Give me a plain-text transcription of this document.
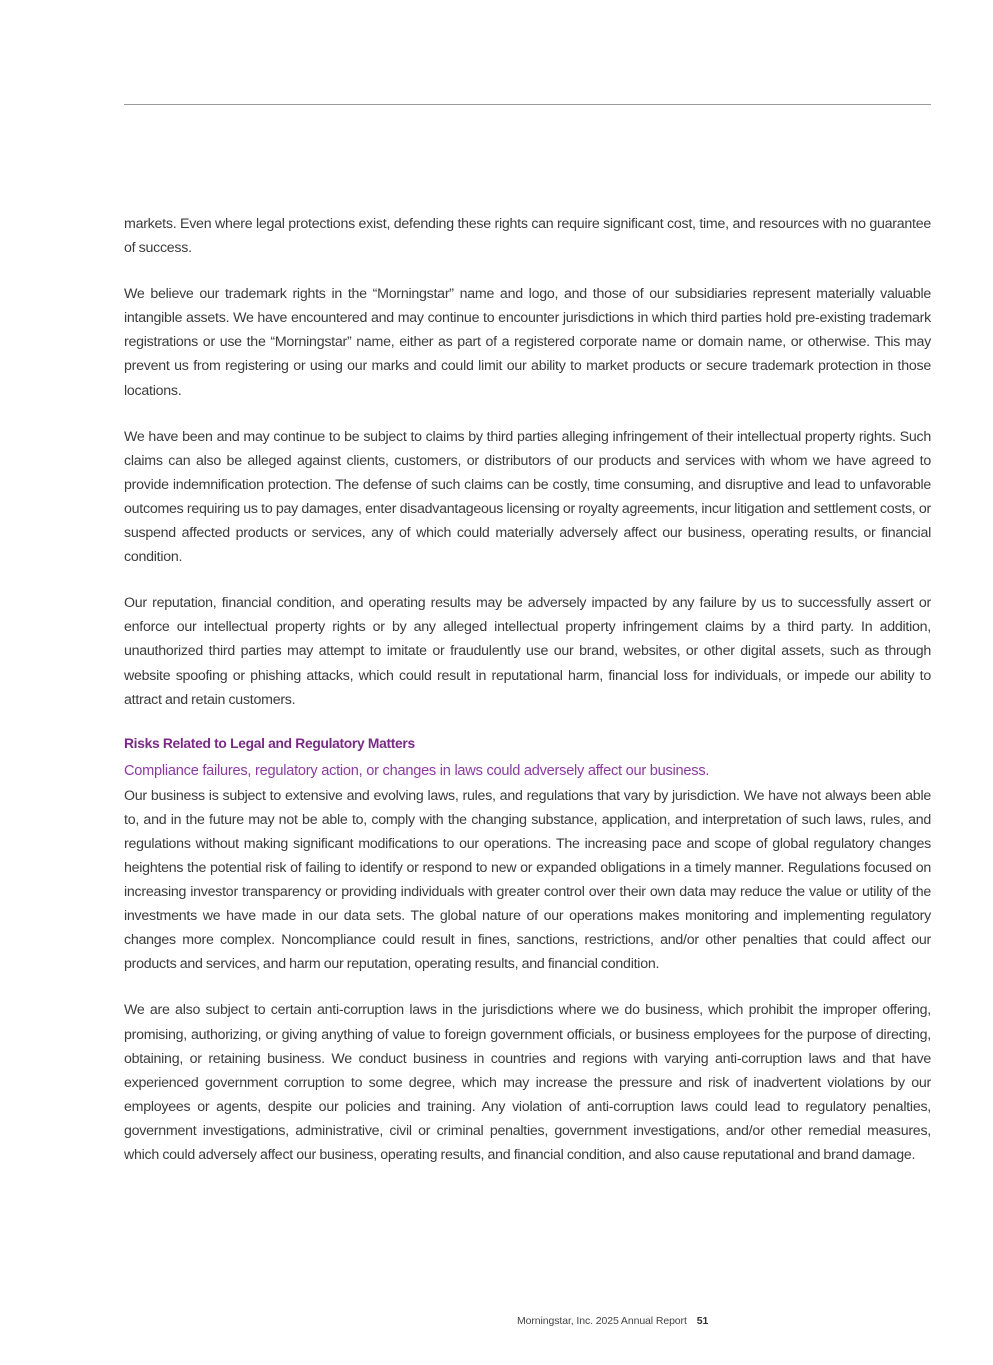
markets. Even where legal protections exist, defending these rights can require significant cost, time, and resources with no guarantee of success.

We believe our trademark rights in the “Morningstar” name and logo, and those of our subsidiaries represent materially valuable intangible assets. We have encountered and may continue to encounter jurisdictions in which third parties hold pre-existing trademark registrations or use the “Morningstar” name, either as part of a registered corporate name or domain name, or otherwise. This may prevent us from registering or using our marks and could limit our ability to market products or secure trademark protection in those locations.

We have been and may continue to be subject to claims by third parties alleging infringement of their intellectual property rights. Such claims can also be alleged against clients, customers, or distributors of our products and services with whom we have agreed to provide indemnification protection. The defense of such claims can be costly, time consuming, and disruptive and lead to unfavorable outcomes requiring us to pay damages, enter disadvantageous licensing or royalty agreements, incur litigation and settlement costs, or suspend affected products or services, any of which could materially adversely affect our business, operating results, or financial condition.

Our reputation, financial condition, and operating results may be adversely impacted by any failure by us to successfully assert or enforce our intellectual property rights or by any alleged intellectual property infringement claims by a third party. In addition, unauthorized third parties may attempt to imitate or fraudulently use our brand, websites, or other digital assets, such as through website spoofing or phishing attacks, which could result in reputational harm, financial loss for individuals, or impede our ability to attract and retain customers.

Risks Related to Legal and Regulatory Matters
Compliance failures, regulatory action, or changes in laws could adversely affect our business.

Our business is subject to extensive and evolving laws, rules, and regulations that vary by jurisdiction. We have not always been able to, and in the future may not be able to, comply with the changing substance, application, and interpretation of such laws, rules, and regulations without making significant modifications to our operations. The increasing pace and scope of global regulatory changes heightens the potential risk of failing to identify or respond to new or expanded obligations in a timely manner. Regulations focused on increasing investor transparency or providing individuals with greater control over their own data may reduce the value or utility of the investments we have made in our data sets. The global nature of our operations makes monitoring and implementing regulatory changes more complex. Noncompliance could result in fines, sanctions, restrictions, and/or other penalties that could affect our products and services, and harm our reputation, operating results, and financial condition.

We are also subject to certain anti-corruption laws in the jurisdictions where we do business, which prohibit the improper offering, promising, authorizing, or giving anything of value to foreign government officials, or business employees for the purpose of directing, obtaining, or retaining business. We conduct business in countries and regions with varying anti-corruption laws and that have experienced government corruption to some degree, which may increase the pressure and risk of inadvertent violations by our employees or agents, despite our policies and training. Any violation of anti-corruption laws could lead to regulatory penalties, government investigations, administrative, civil or criminal penalties, government investigations, and/or other remedial measures, which could adversely affect our business, operating results, and financial condition, and also cause reputational and brand damage.

Morningstar, Inc. 2025 Annual Report 51
